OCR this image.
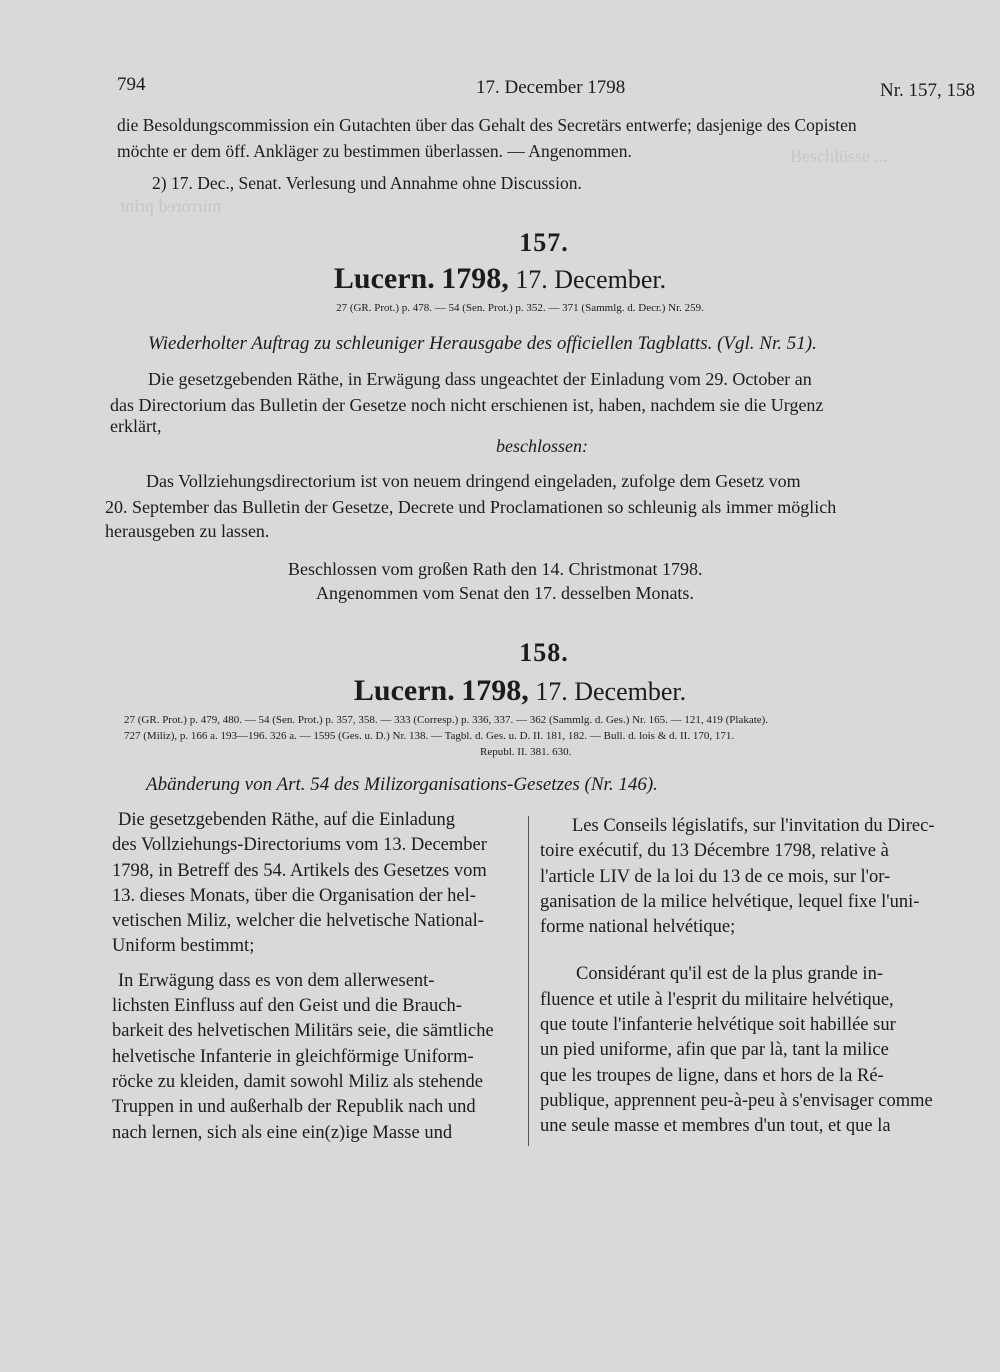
Beschlüsse ...
mirrored print
794	17. December 1798	Nr. 157, 158
die Besoldungscommission ein Gutachten über das Gehalt des Secretärs entwerfe; dasjenige des Copisten
möchte er dem öff. Ankläger zu bestimmen überlassen. — Angenommen.
2) 17. Dec., Senat. Verlesung und Annahme ohne Discussion.
157.
Lucern. 1798, 17. December.
27 (GR. Prot.) p. 478. — 54 (Sen. Prot.) p. 352. — 371 (Sammlg. d. Decr.) Nr. 259.
Wiederholter Auftrag zu schleuniger Herausgabe des officiellen Tagblatts. (Vgl. Nr. 51).
Die gesetzgebenden Räthe, in Erwägung dass ungeachtet der Einladung vom 29. October an
das Directorium das Bulletin der Gesetze noch nicht erschienen ist, haben, nachdem sie die Urgenz
erklärt,
beschlossen:
Das Vollziehungsdirectorium ist von neuem dringend eingeladen, zufolge dem Gesetz vom
20. September das Bulletin der Gesetze, Decrete und Proclamationen so schleunig als immer möglich
herausgeben zu lassen.
Beschlossen vom großen Rath den 14. Christmonat 1798.
Angenommen vom Senat den 17. desselben Monats.
158.
Lucern. 1798, 17. December.
27 (GR. Prot.) p. 479, 480. — 54 (Sen. Prot.) p. 357, 358. — 333 (Corresp.) p. 336, 337. — 362 (Sammlg. d. Ges.) Nr. 165. — 121, 419 (Plakate).
727 (Miliz), p. 166 a. 193—196. 326 a. — 1595 (Ges. u. D.) Nr. 138. — Tagbl. d. Ges. u. D. II. 181, 182. — Bull. d. lois & d. II. 170, 171.
Republ. II. 381. 630.
Abänderung von Art. 54 des Milizorganisations-Gesetzes (Nr. 146).

Die gesetzgebenden Räthe, auf die Einladung
des Vollziehungs-Directoriums vom 13. December
1798, in Betreff des 54. Artikels des Gesetzes vom
13. dieses Monats, über die Organisation der hel-
vetischen Miliz, welcher die helvetische National-
Uniform bestimmt;

In Erwägung dass es von dem allerwesent-
lichsten Einfluss auf den Geist und die Brauch-
barkeit des helvetischen Militärs seie, die sämtliche
helvetische Infanterie in gleichförmige Uniform-
röcke zu kleiden, damit sowohl Miliz als stehende
Truppen in und außerhalb der Republik nach und
nach lernen, sich als eine ein(z)ige Masse und

Les Conseils législatifs, sur l'invitation du Direc-
toire exécutif, du 13 Décembre 1798, relative à
l'article LIV de la loi du 13 de ce mois, sur l'or-
ganisation de la milice helvétique, lequel fixe l'uni-
forme national helvétique;

Considérant qu'il est de la plus grande in-
fluence et utile à l'esprit du militaire helvétique,
que toute l'infanterie helvétique soit habillée sur
un pied uniforme, afin que par là, tant la milice
que les troupes de ligne, dans et hors de la Ré-
publique, apprennent peu-à-peu à s'envisager comme
une seule masse et membres d'un tout, et que la
